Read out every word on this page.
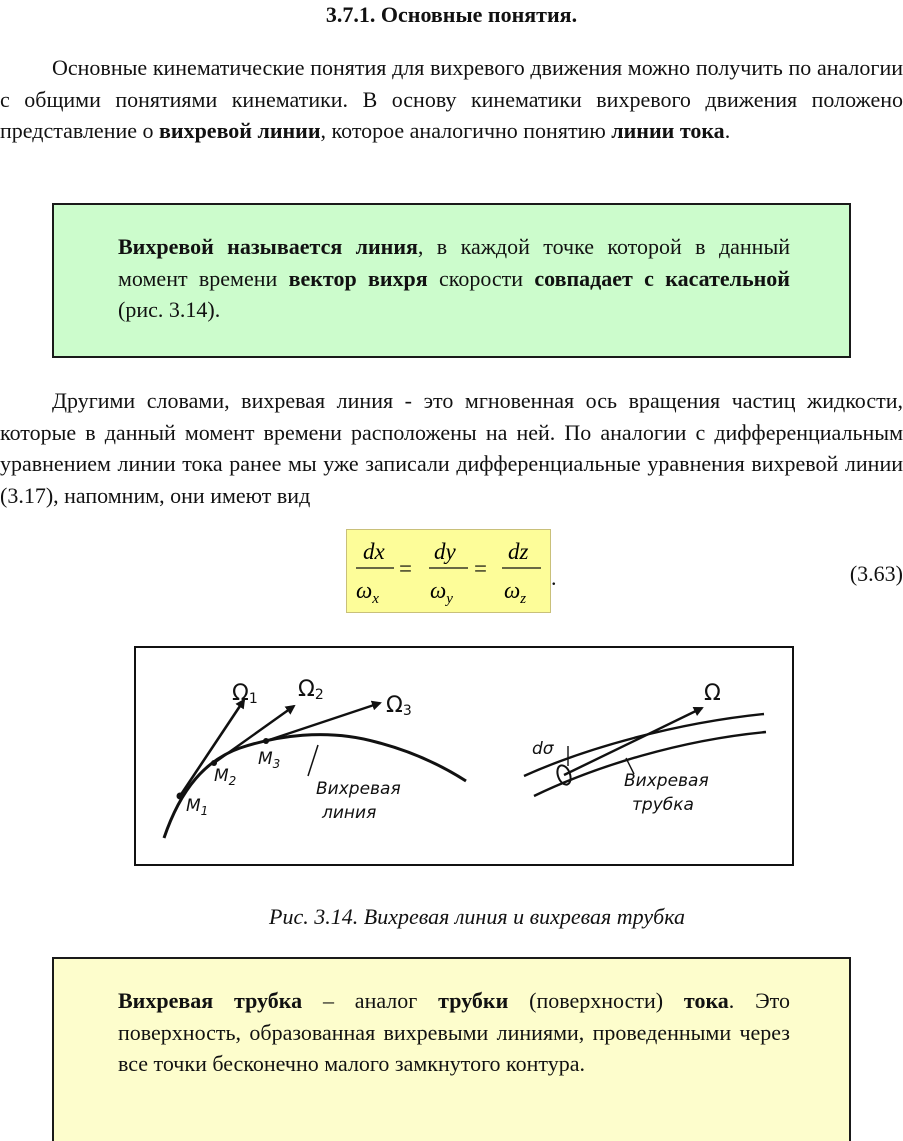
3.7.1. Основные понятия.

Основные кинематические понятия для вихревого движения можно получить по аналогии с общими понятиями кинематики. В основу кинематики вихревого движения положено представление о вихревой линии, которое аналогично понятию линии тока.

Вихревой называется линия, в каждой точке которой в данный момент времени вектор вихря скорости совпадает с касательной (рис. 3.14).

Другими словами, вихревая линия - это мгновенная ось вращения частиц жидкости, которые в данный момент времени расположены на ней. По аналогии с дифференциальным уравнением линии тока ранее мы уже записали дифференциальные уравнения вихревой линии (3.17), напомним, они имеют вид

dx
$\omega_x$
=
dy
$\omega_y$
=
dz
$\omega_z$
.	(3.63)
Ω1 Ω2	Ω3
$M_1$
$M_2$
$M_3$
Вихревая
линия
Ω
dσ
Вихревая
трубка

Рис. 3.14. Вихревая линия и вихревая трубка

Вихревая трубка – аналог трубки (поверхности) тока. Это поверхность, образованная вихревыми линиями, проведенными через все точки бесконечно малого замкнутого контура.
